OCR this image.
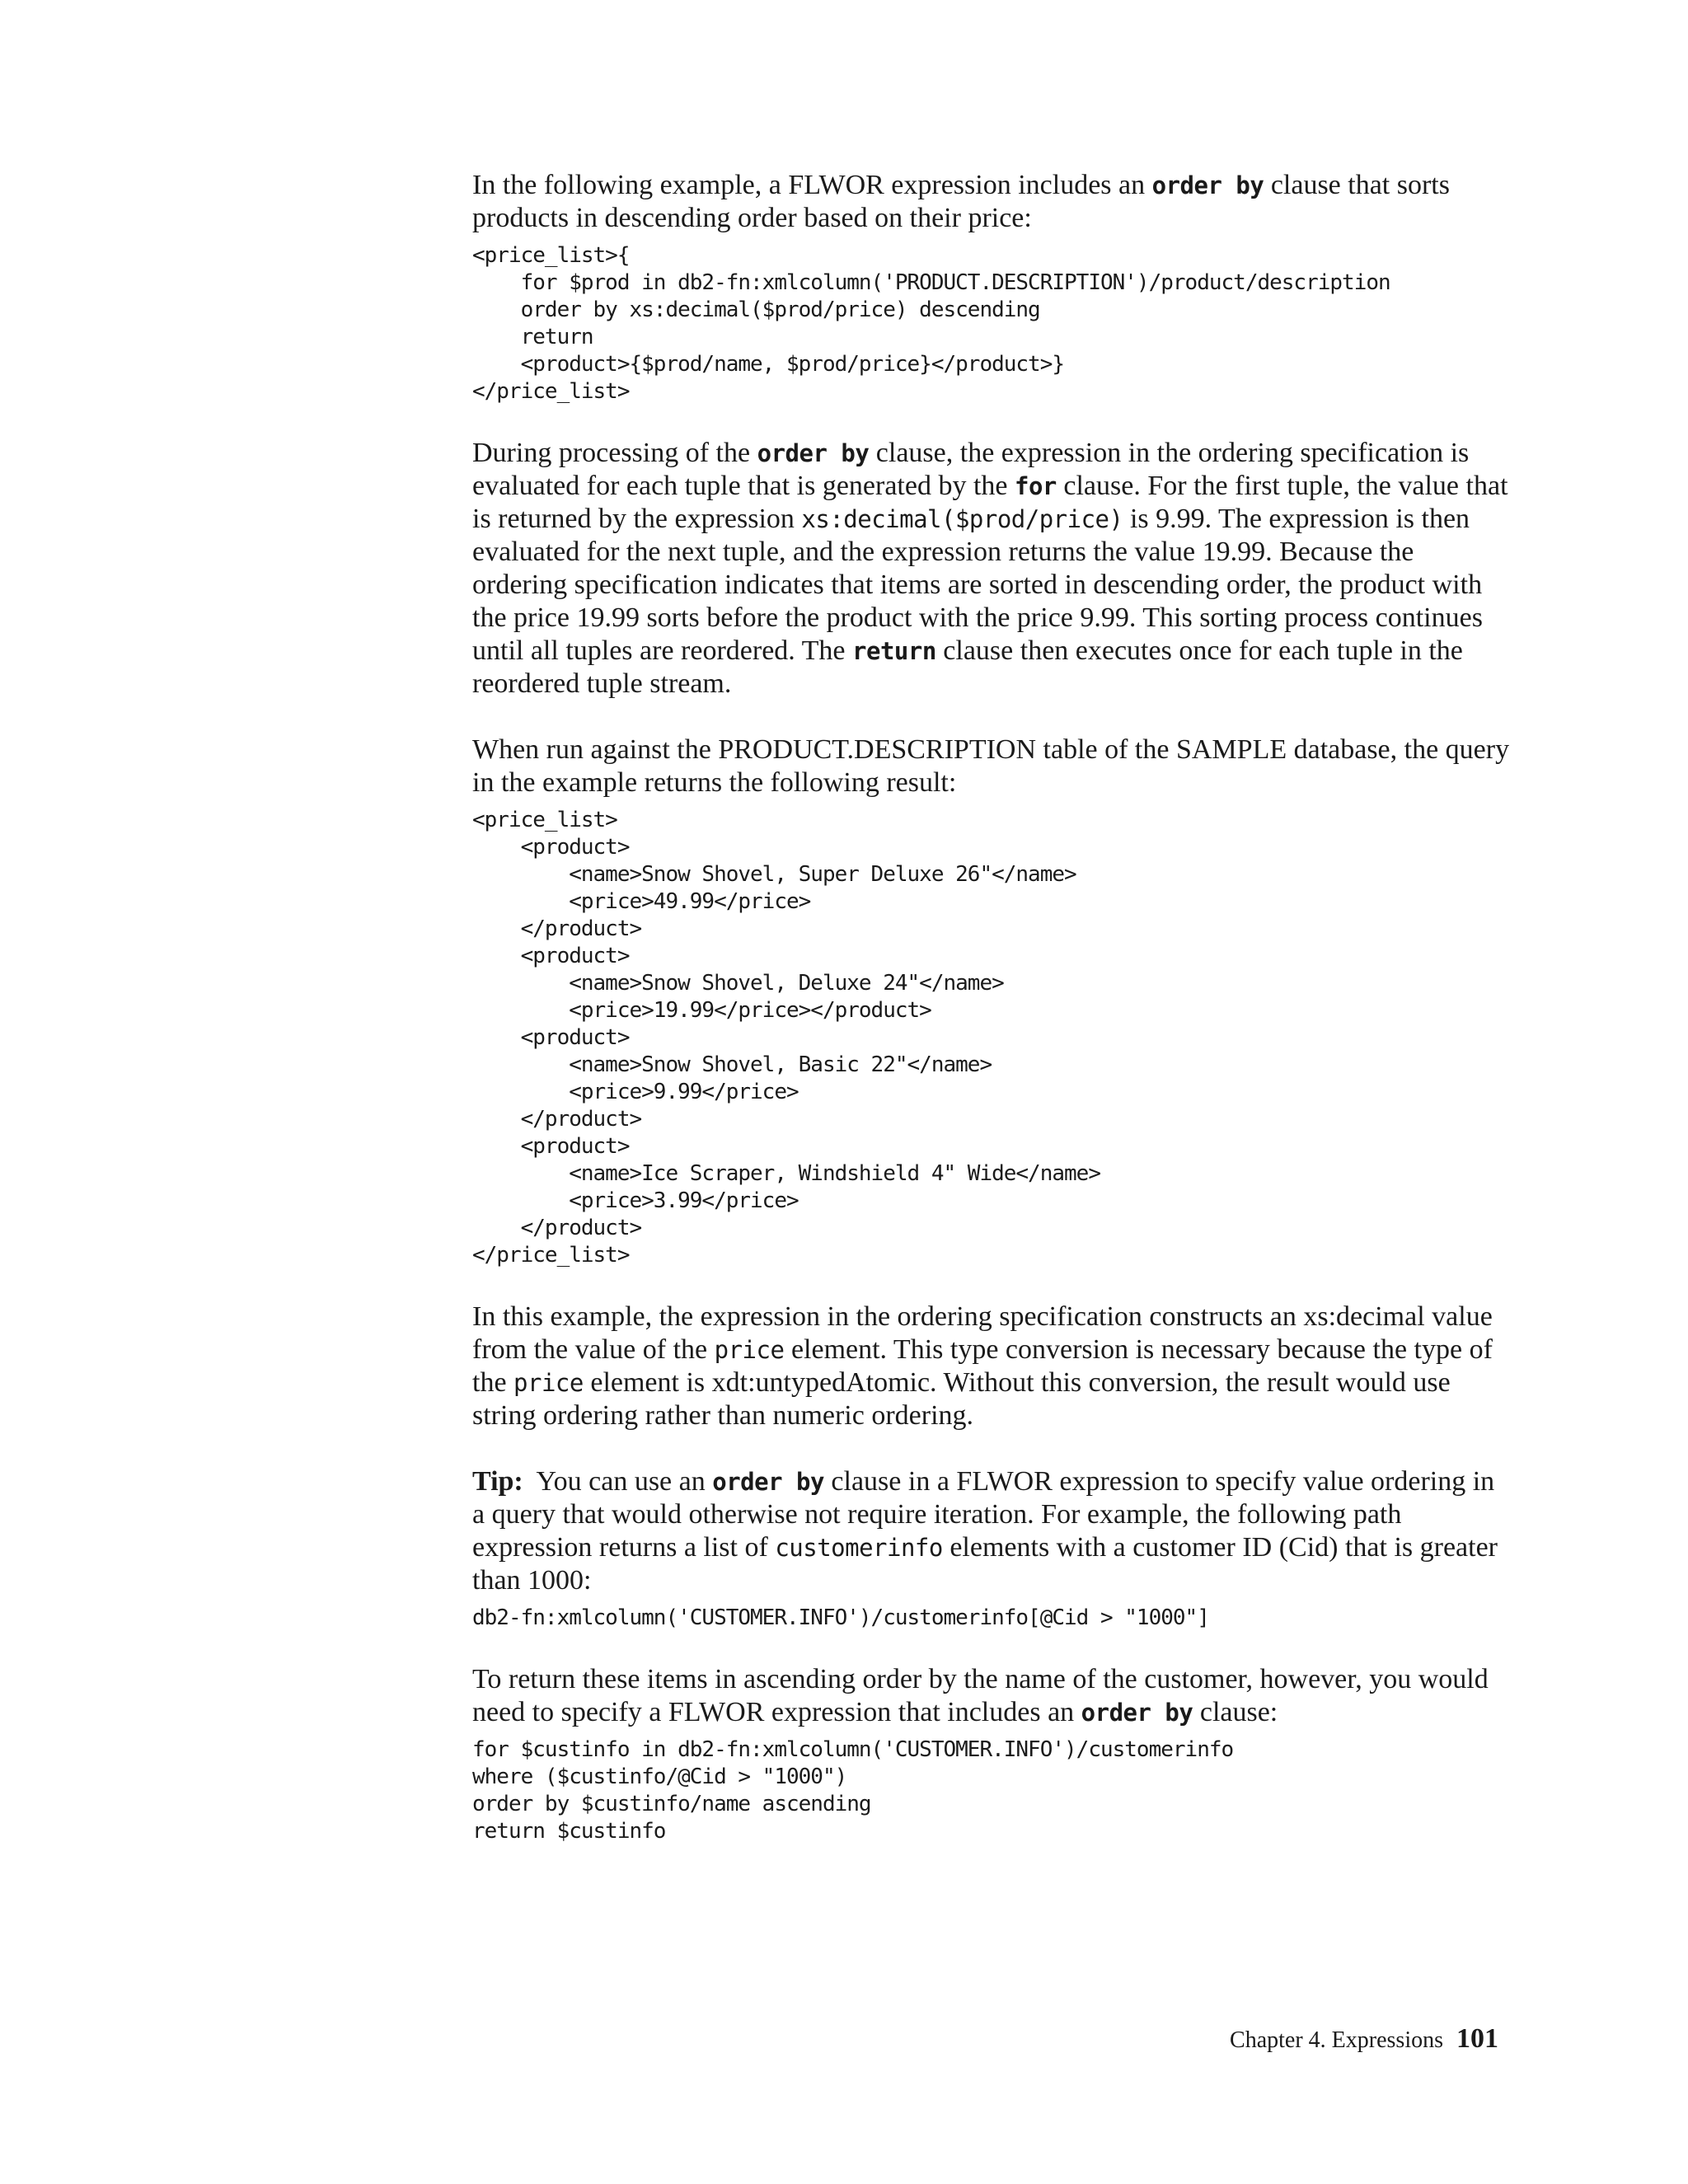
In the following example, a FLWOR expression includes an order by clause that sorts products in descending order based on their price:

<price_list>{
for $prod in db2-fn:xmlcolumn('PRODUCT.DESCRIPTION')/product/description
order by xs:decimal($prod/price) descending
return
<product>{$prod/name, $prod/price}</product>}
</price_list>

During processing of the order by clause, the expression in the ordering specification is evaluated for each tuple that is generated by the for clause. For the first tuple, the value that is returned by the expression xs:decimal($prod/price) is 9.99. The expression is then evaluated for the next tuple, and the expression returns the value 19.99. Because the ordering specification indicates that items are sorted in descending order, the product with the price 19.99 sorts before the product with the price 9.99. This sorting process continues until all tuples are reordered. The return clause then executes once for each tuple in the reordered tuple stream.

When run against the PRODUCT.DESCRIPTION table of the SAMPLE database, the query in the example returns the following result:

<price_list>
<product>
<name>Snow Shovel, Super Deluxe 26"</name>
<price>49.99</price>
</product>
<product>
<name>Snow Shovel, Deluxe 24"</name>
<price>19.99</price></product>
<product>
<name>Snow Shovel, Basic 22"</name>
<price>9.99</price>
</product>
<product>
<name>Ice Scraper, Windshield 4" Wide</name>
<price>3.99</price>
</product>
</price_list>

In this example, the expression in the ordering specification constructs an xs:decimal value from the value of the price element. This type conversion is necessary because the type of the price element is xdt:untypedAtomic. Without this conversion, the result would use string ordering rather than numeric ordering.

Tip:  You can use an order by clause in a FLWOR expression to specify value ordering in a query that would otherwise not require iteration. For example, the following path expression returns a list of customerinfo elements with a customer ID (Cid) that is greater than 1000:

db2-fn:xmlcolumn('CUSTOMER.INFO')/customerinfo[@Cid > "1000"]

To return these items in ascending order by the name of the customer, however, you would need to specify a FLWOR expression that includes an order by clause:

for $custinfo in db2-fn:xmlcolumn('CUSTOMER.INFO')/customerinfo
where ($custinfo/@Cid > "1000")
order by $custinfo/name ascending
return $custinfo
Chapter 4. Expressions 101
